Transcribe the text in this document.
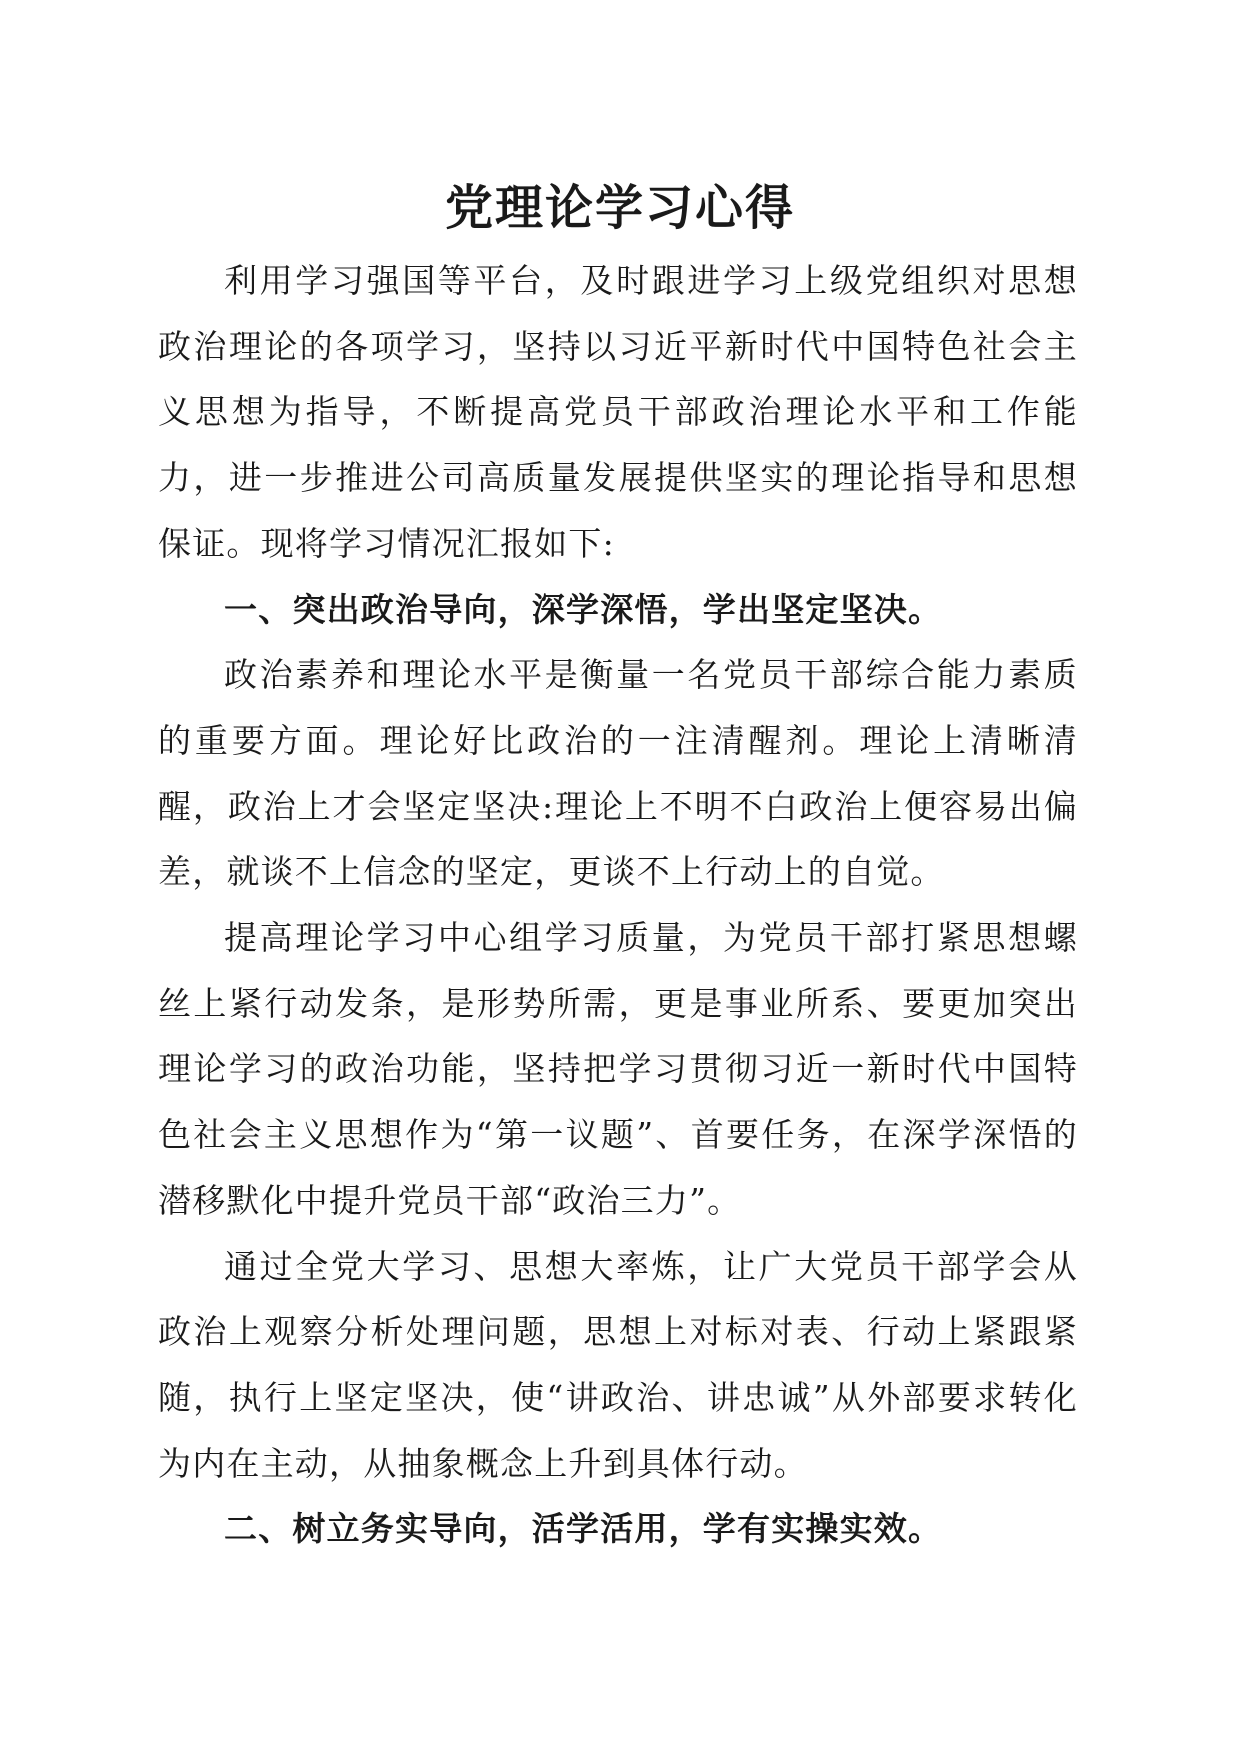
党理论学习心得

利用学习强国等平台，及时跟进学习上级党组织对思想政治理论的各项学习，坚持以习近平新时代中国特色社会主义思想为指导，不断提高党员干部政治理论水平和工作能力，进一步推进公司高质量发展提供坚实的理论指导和思想保证。现将学习情况汇报如下:

一、突出政治导向，深学深悟，学出坚定坚决。

政治素养和理论水平是衡量一名党员干部综合能力素质的重要方面。理论好比政治的一注清醒剂。理论上清晰清醒，政治上才会坚定坚决:理论上不明不白政治上便容易出偏差，就谈不上信念的坚定，更谈不上行动上的自觉。

提高理论学习中心组学习质量，为党员干部打紧思想螺丝上紧行动发条，是形势所需，更是事业所系、要更加突出理论学习的政治功能，坚持把学习贯彻习近一新时代中国特色社会主义思想作为“第一议题”、首要任务，在深学深悟的潜移默化中提升党员干部“政治三力”。

通过全党大学习、思想大率炼，让广大党员干部学会从政治上观察分析处理问题，思想上对标对表、行动上紧跟紧随，执行上坚定坚决，使“讲政治、讲忠诚”从外部要求转化为内在主动，从抽象概念上升到具体行动。

二、树立务实导向，活学活用，学有实操实效。
